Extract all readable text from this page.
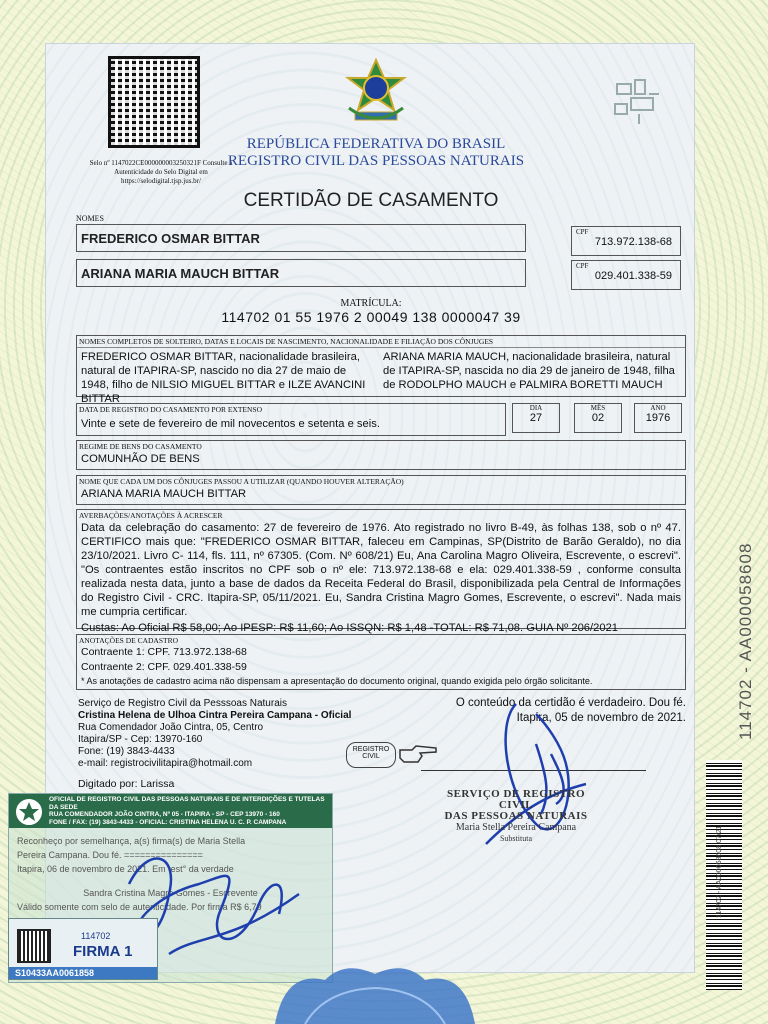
Selo nº 1147022CE000000003250321F Consulte a Autenticidade do Selo Digital em https://selodigital.tjsp.jus.br/
REPÚBLICA FEDERATIVA DO BRASIL
REGISTRO CIVIL DAS PESSOAS NATURAIS
CERTIDÃO DE CASAMENTO
NOMES
FREDERICO OSMAR BITTAR	CPF
713.972.138-68
ARIANA MARIA MAUCH BITTAR	CPF
029.401.338-59
MATRÍCULA:
114702 01 55 1976 2 00049 138 0000047 39
NOMES COMPLETOS DE SOLTEIRO, DATAS E LOCAIS DE NASCIMENTO, NACIONALIDADE E FILIAÇÃO DOS CÔNJUGES
FREDERICO OSMAR BITTAR, nacionalidade brasileira, natural de ITAPIRA-SP, nascido no dia 27 de maio de 1948, filho de NILSIO MIGUEL BITTAR e ILZE AVANCINI BITTAR
ARIANA MARIA MAUCH, nacionalidade brasileira, natural de ITAPIRA-SP, nascida no dia 29 de janeiro de 1948, filha de RODOLPHO MAUCH e PALMIRA BORETTI MAUCH
DATA DE REGISTRO DO CASAMENTO POR EXTENSO
Vinte e sete de fevereiro de mil novecentos e setenta e seis.
DIA
27
MÊS
02
ANO
1976
REGIME DE BENS DO CASAMENTO
COMUNHÃO DE BENS
NOME QUE CADA UM DOS CÔNJUGES PASSOU A UTILIZAR (QUANDO HOUVER ALTERAÇÃO)
ARIANA MARIA MAUCH BITTAR
AVERBAÇÕES/ANOTAÇÕES À ACRESCER
Data da celebração do casamento: 27 de fevereiro de 1976. Ato registrado no livro B-49, às folhas 138, sob o nº 47. CERTIFICO mais que: "FREDERICO OSMAR BITTAR, faleceu em Campinas, SP(Distrito de Barão Geraldo), no dia 23/10/2021. Livro C- 114, fls. 111, nº 67305. (Com. Nº 608/21) Eu, Ana Carolina Magro Oliveira, Escrevente, o escrevi". "Os contraentes estão inscritos no CPF sob o nº ele: 713.972.138-68 e ela: 029.401.338-59 , conforme consulta realizada nesta data, junto a base de dados da Receita Federal do Brasil, disponibilizada pela Central de Informações do Registro Civil - CRC. Itapira-SP, 05/11/2021. Eu, Sandra Cristina Magro Gomes, Escrevente, o escrevi". Nada mais me cumpria certificar.
Custas: Ao Oficial R$ 58,00; Ao IPESP: R$ 11,60; Ao ISSQN: R$ 1,48 -TOTAL: R$ 71,08. GUIA Nº 206/2021
ANOTAÇÕES DE CADASTRO
Contraente 1: CPF. 713.972.138-68
Contraente 2: CPF. 029.401.338-59
* As anotações de cadastro acima não dispensam a apresentação do documento original, quando exigida pelo órgão solicitante.
Serviço de Registro Civil da Pesssoas Naturais
Cristina Helena de Ulhoa Cintra Pereira Campana - Oficial
Rua Comendador João Cintra, 05, Centro
Itapira/SP - Cep: 13970-160
Fone: (19) 3843-4433
e-mail: registrocivilitapira@hotmail.com
O conteúdo da certidão é verdadeiro. Dou fé.
Itapira, 05 de novembro de 2021.
REGISTRO
CIVIL
SERVIÇO DE REGISTRO CIVIL
DAS PESSOAS NATURAIS
Maria Stella Pereira Campana
Substituta
Digitado por: Larissa
OFICIAL DE REGISTRO CIVIL DAS PESSOAS NATURAIS E DE INTERDIÇÕES E TUTELAS DA SEDE
RUA COMENDADOR JOÃO CINTRA, Nº 05 - ITAPIRA - SP - CEP 13970 - 160
FONE / FAX: (19) 3843-4433 - OFICIAL: CRISTINA HELENA U. C. P. CAMPANA
Reconheço por semelhança, a(s) firma(s) de Maria Stella
Pereira Campana. Dou fé. ===============
Itapira, 06 de novembro de 2021. Em test° da verdade
Sandra Cristina Magro Gomes - Escrevente
Válido somente com selo de autenticidade. Por firma R$ 6,79
114702
FIRMA 1
S10433AA0061858
114702 - AA000058608
114702 - AA000058608 07/21
